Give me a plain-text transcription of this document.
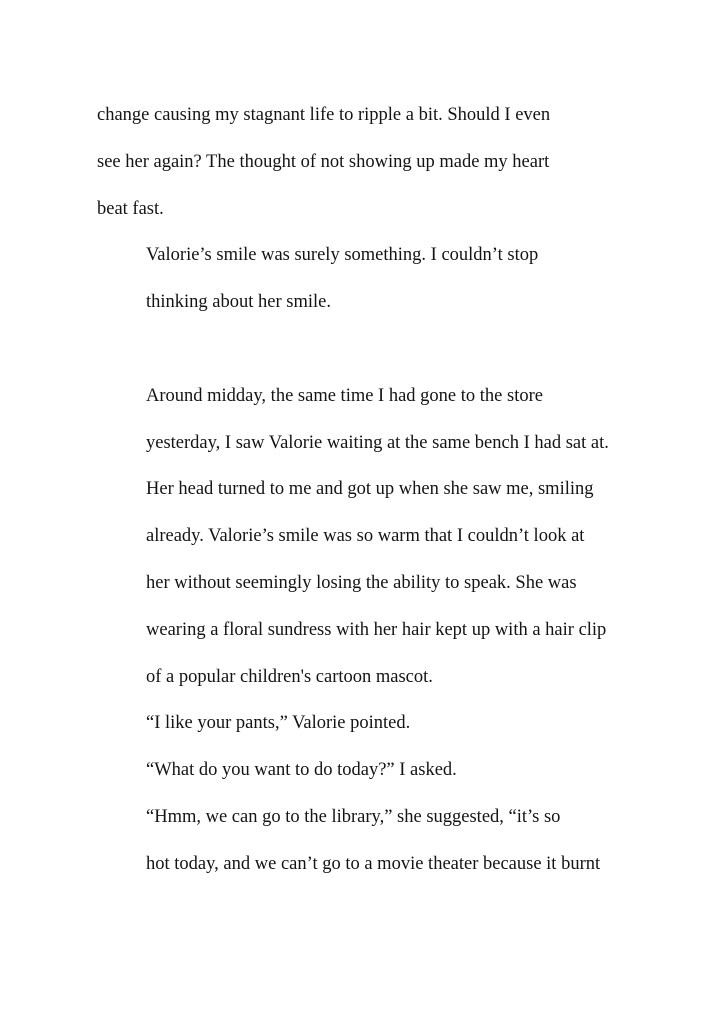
change causing my stagnant life to ripple a bit. Should I even
see her again? The thought of not showing up made my heart
beat fast.

Valorie’s smile was surely something. I couldn’t stop
thinking about her smile.

Around midday, the same time I had gone to the store
yesterday, I saw Valorie waiting at the same bench I had sat at.
Her head turned to me and got up when she saw me, smiling
already. Valorie’s smile was so warm that I couldn’t look at
her without seemingly losing the ability to speak. She was
wearing a floral sundress with her hair kept up with a hair clip
of a popular children's cartoon mascot.

“I like your pants,” Valorie pointed.

“What do you want to do today?” I asked.

“Hmm, we can go to the library,” she suggested, “it’s so
hot today, and we can’t go to a movie theater because it burnt
